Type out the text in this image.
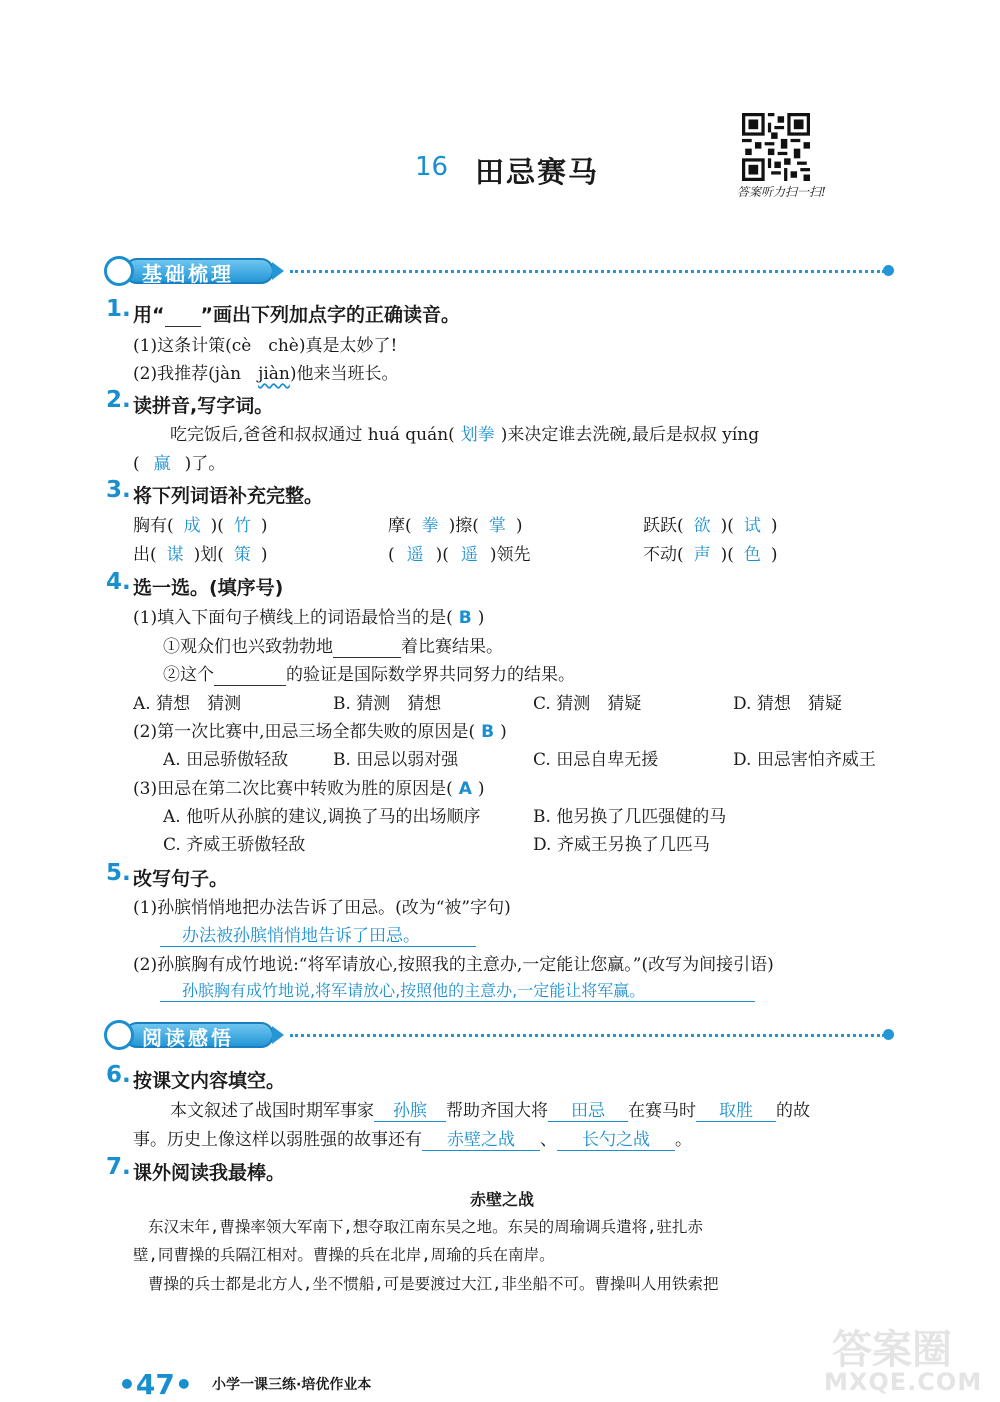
16 田忌赛马
答案听力扫一扫!
基础梳理
1. 用“ ”画出下列加点字的正确读音。
(1)这条计策(cè　chè)真是太妙了!
(2)我推荐(jàn　jiàn)他来当班长。
2. 读拼音,写字词。
吃完饭后,爸爸和叔叔通过 huá quán( 划拳 )来决定谁去洗碗,最后是叔叔 yíng
( 赢 )了。
3. 将下列词语补充完整。
胸有( 成 )( 竹 )	摩( 拳 )擦( 掌 )	跃跃( 欲 )( 试 )
出( 谋 )划( 策 )	( 遥 )( 遥 )领先	不动( 声 )( 色 )
4. 选一选。(填序号)
(1)填入下面句子横线上的词语最恰当的是( B )
①观众们也兴致勃勃地	着比赛结果。
②这个	的验证是国际数学界共同努力的结果。
A. 猜想　猜测	B. 猜测　猜想	C. 猜测　猜疑	D. 猜想　猜疑
(2)第一次比赛中,田忌三场全都失败的原因是( B )
A. 田忌骄傲轻敌	B. 田忌以弱对强	C. 田忌自卑无援	D. 田忌害怕齐威王
(3)田忌在第二次比赛中转败为胜的原因是( A )
A. 他听从孙膑的建议,调换了马的出场顺序	B. 他另换了几匹强健的马
C. 齐威王骄傲轻敌	D. 齐威王另换了几匹马
5. 改写句子。
(1)孙膑悄悄地把办法告诉了田忌。(改为“被”字句)
办法被孙膑悄悄地告诉了田忌。
(2)孙膑胸有成竹地说:“将军请放心,按照我的主意办,一定能让您赢。”(改写为间接引语)
孙膑胸有成竹地说,将军请放心,按照他的主意办,一定能让将军赢。
阅读感悟
6. 按课文内容填空。
本文叙述了战国时期军事家 孙膑 帮助齐国大将 田忌 在赛马时 取胜 的故
事。历史上像这样以弱胜强的故事还有 赤壁之战 、 长勺之战 。
7. 课外阅读我最棒。
赤壁之战
东汉末年,曹操率领大军南下,想夺取江南东吴之地。东吴的周瑜调兵遣将,驻扎赤
壁,同曹操的兵隔江相对。曹操的兵在北岸,周瑜的兵在南岸。
曹操的兵士都是北方人,坐不惯船,可是要渡过大江,非坐船不可。曹操叫人用铁索把
•47• 小学一课三练·培优作业本
答案圈
MXQE.COM
